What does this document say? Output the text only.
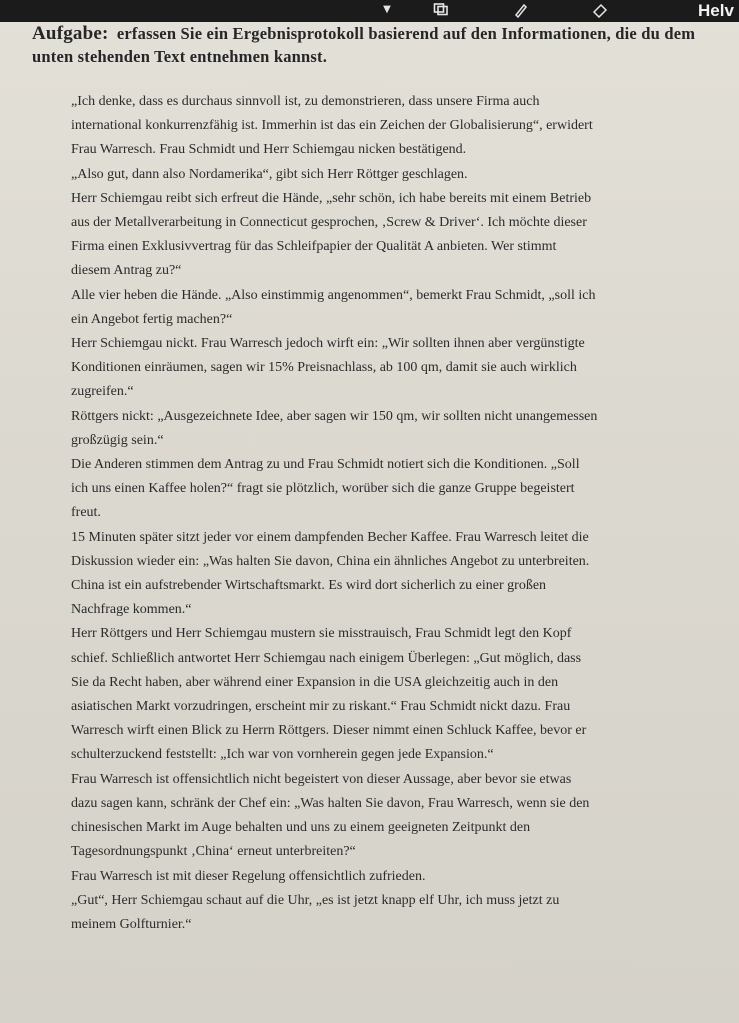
▼	Helv
Aufgabe: erfassen Sie ein Ergebnisprotokoll basierend auf den Informationen, die du dem unten stehenden Text entnehmen kannst.
„Ich denke, dass es durchaus sinnvoll ist, zu demonstrieren, dass unsere Firma auch
international konkurrenzfähig ist. Immerhin ist das ein Zeichen der Globalisierung“, erwidert
Frau Warresch. Frau Schmidt und Herr Schiemgau nicken bestätigend.
„Also gut, dann also Nordamerika“, gibt sich Herr Röttger geschlagen.
Herr Schiemgau reibt sich erfreut die Hände, „sehr schön, ich habe bereits mit einem Betrieb
aus der Metallverarbeitung in Connecticut gesprochen, ‚Screw & Driver‘. Ich möchte dieser
Firma einen Exklusivvertrag für das Schleifpapier der Qualität A anbieten. Wer stimmt
diesem Antrag zu?“
Alle vier heben die Hände. „Also einstimmig angenommen“, bemerkt Frau Schmidt, „soll ich
ein Angebot fertig machen?“
Herr Schiemgau nickt. Frau Warresch jedoch wirft ein: „Wir sollten ihnen aber vergünstigte
Konditionen einräumen, sagen wir 15% Preisnachlass, ab 100 qm, damit sie auch wirklich
zugreifen.“
Röttgers nickt: „Ausgezeichnete Idee, aber sagen wir 150 qm, wir sollten nicht unangemessen
großzügig sein.“
Die Anderen stimmen dem Antrag zu und Frau Schmidt notiert sich die Konditionen. „Soll
ich uns einen Kaffee holen?“ fragt sie plötzlich, worüber sich die ganze Gruppe begeistert
freut.
15 Minuten später sitzt jeder vor einem dampfenden Becher Kaffee. Frau Warresch leitet die
Diskussion wieder ein: „Was halten Sie davon, China ein ähnliches Angebot zu unterbreiten.
China ist ein aufstrebender Wirtschaftsmarkt. Es wird dort sicherlich zu einer großen
Nachfrage kommen.“
Herr Röttgers und Herr Schiemgau mustern sie misstrauisch, Frau Schmidt legt den Kopf
schief. Schließlich antwortet Herr Schiemgau nach einigem Überlegen: „Gut möglich, dass
Sie da Recht haben, aber während einer Expansion in die USA gleichzeitig auch in den
asiatischen Markt vorzudringen, erscheint mir zu riskant.“ Frau Schmidt nickt dazu. Frau
Warresch wirft einen Blick zu Herrn Röttgers. Dieser nimmt einen Schluck Kaffee, bevor er
schulterzuckend feststellt: „Ich war von vornherein gegen jede Expansion.“
Frau Warresch ist offensichtlich nicht begeistert von dieser Aussage, aber bevor sie etwas
dazu sagen kann, schränk der Chef ein: „Was halten Sie davon, Frau Warresch, wenn sie den
chinesischen Markt im Auge behalten und uns zu einem geeigneten Zeitpunkt den
Tagesordnungspunkt ‚China‘ erneut unterbreiten?“
Frau Warresch ist mit dieser Regelung offensichtlich zufrieden.
„Gut“, Herr Schiemgau schaut auf die Uhr, „es ist jetzt knapp elf Uhr, ich muss jetzt zu
meinem Golfturnier.“
